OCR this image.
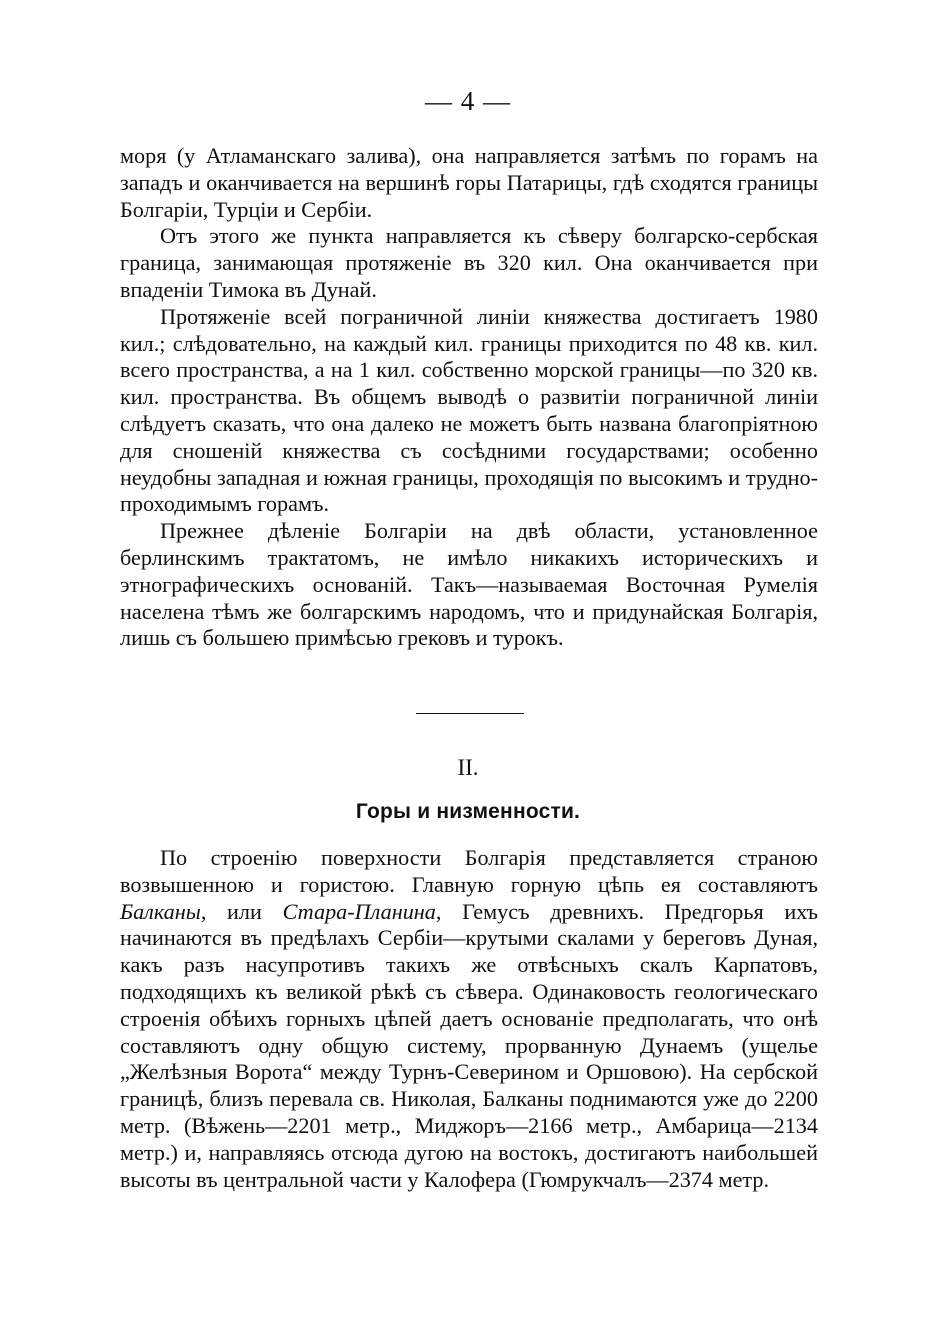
— 4 —

моря (у Атламанскаго залива), она направляется затѣмъ по горамъ на западъ и оканчивается на вершинѣ горы Патарицы, гдѣ сходятся границы Болгаріи, Турціи и Сербіи.

Отъ этого же пункта направляется къ сѣверу болгарско-сербская граница, занимающая протяженіе въ 320 кил. Она оканчивается при впаденіи Тимока въ Дунай.

Протяженіе всей пограничной линіи княжества достигаетъ 1980 кил.; слѣдовательно, на каждый кил. границы приходится по 48 кв. кил. всего пространства, а на 1 кил. собственно морской границы—по 320 кв. кил. пространства. Въ общемъ выводѣ о развитіи пограничной линіи слѣдуетъ сказать, что она далеко не можетъ быть названа благопріятною для сношеній княжества съ сосѣдними государствами; особенно неудобны западная и южная границы, проходящія по высокимъ и трудно-проходимымъ горамъ.

Прежнее дѣленіе Болгаріи на двѣ области, установленное берлинскимъ трактатомъ, не имѣло никакихъ историческихъ и этнографическихъ основаній. Такъ—называемая Восточная Румелія населена тѣмъ же болгарскимъ народомъ, что и придунайская Болгарія, лишь съ большею примѣсью грековъ и турокъ.

II.
Горы и низменности.

По строенію поверхности Болгарія представляется страною возвышенною и гористою. Главную горную цѣпь ея составляютъ Балканы, или Стара-Планина, Гемусъ древнихъ. Предгорья ихъ начинаются въ предѣлахъ Сербіи—крутыми скалами у береговъ Дуная, какъ разъ насупротивъ такихъ же отвѣсныхъ скалъ Карпатовъ, подходящихъ къ великой рѣкѣ съ сѣвера. Одинаковость геологическаго строенія обѣихъ горныхъ цѣпей даетъ основаніе предполагать, что онѣ составляютъ одну общую систему, прорванную Дунаемъ (ущелье „Желѣзныя Ворота“ между Турнъ-Северином и Оршовою). На сербской границѣ, близъ перевала св. Николая, Балканы поднимаются уже до 2200 метр. (Вѣжень—2201 метр., Миджоръ—2166 метр., Амбарица—2134 метр.) и, направляясь отсюда дугою на востокъ, достигаютъ наибольшей высоты въ центральной части у Калофера (Гюмрукчалъ—2374 метр.
